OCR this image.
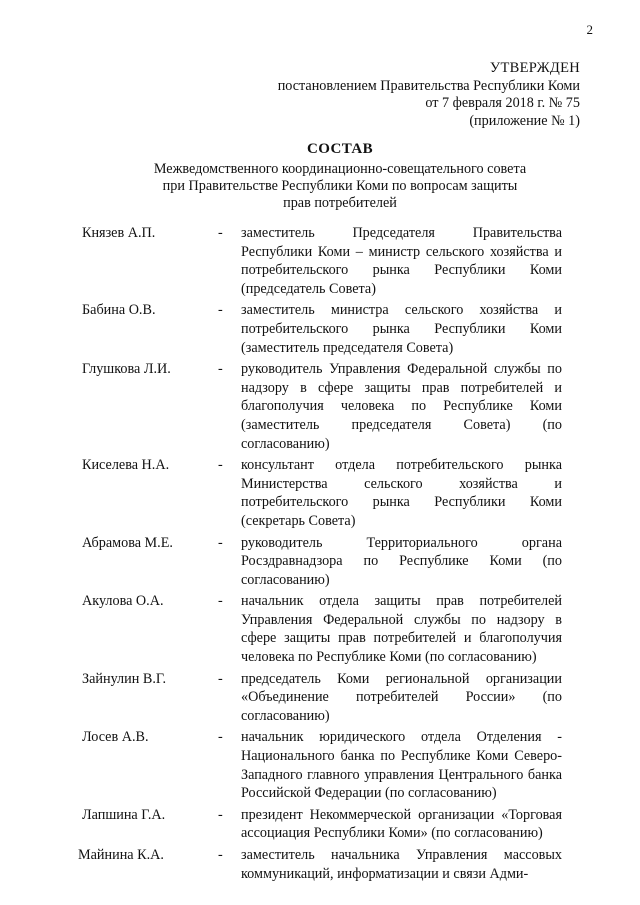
2
УТВЕРЖДЕН
постановлением Правительства Республики Коми
от 7 февраля 2018 г. № 75
(приложение № 1)
СОСТАВ
Межведомственного координационно-совещательного совета
при Правительстве Республики Коми по вопросам защиты
прав потребителей
Князев А.П.	- заместитель Председателя Правительства Республики Коми – министр сельского хозяйства и потребительского рынка Республики Коми (председатель Совета)
Бабина О.В.	- заместитель министра сельского хозяйства и потребительского рынка Республики Коми (заместитель председателя Совета)
Глушкова Л.И.	- руководитель Управления Федеральной службы по надзору в сфере защиты прав потребителей и благополучия человека по Республике Коми (заместитель председателя Совета) (по согласованию)
Киселева Н.А.	- консультант отдела потребительского рынка Министерства сельского хозяйства и потребительского рынка Республики Коми (секретарь Совета)
Абрамова М.Е.	- руководитель Территориального органа Росздравнадзора по Республике Коми (по согласованию)
Акулова О.А.	- начальник отдела защиты прав потребителей Управления Федеральной службы по надзору в сфере защиты прав потребителей и благополучия человека по Республике Коми (по согласованию)
Зайнулин В.Г.	- председатель Коми региональной организации «Объединение потребителей России» (по согласованию)
Лосев А.В.	- начальник юридического отдела Отделения - Национального банка по Республике Коми Северо-Западного главного управления Центрального банка Российской Федерации (по согласованию)
Лапшина Г.А.	- президент Некоммерческой организации «Торговая ассоциация Республики Коми» (по согласованию)
Майнина К.А.	- заместитель начальника Управления массовых коммуникаций, информатизации и связи Адми-
